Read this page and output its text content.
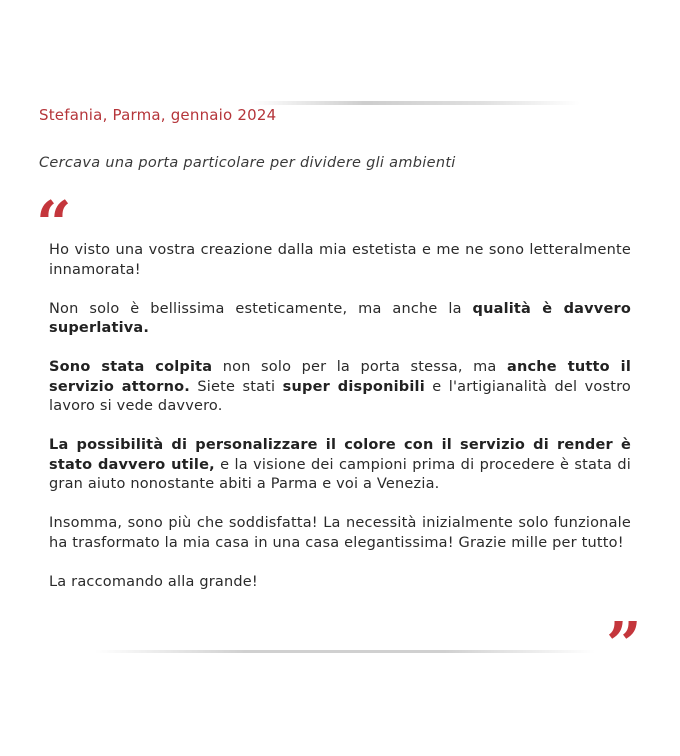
Stefania, Parma, gennaio 2024
Cercava una porta particolare per dividere gli ambienti
“

Ho visto una vostra creazione dalla mia estetista e me ne sono letteralmente innamorata!

Non solo è bellissima esteticamente, ma anche la qualità è davvero superlativa.

Sono stata colpita non solo per la porta stessa, ma anche tutto il servizio attorno. Siete stati super disponibili e l'artigianalità del vostro lavoro si vede davvero.

La possibilità di personalizzare il colore con il servizio di render è stato davvero utile, e la visione dei campioni prima di procedere è stata di gran aiuto nonostante abiti a Parma e voi a Venezia.

Insomma, sono più che soddisfatta! La necessità inizialmente solo funzionale ha trasformato la mia casa in una casa elegantissima! Grazie mille per tutto!

La raccomando alla grande!

”
